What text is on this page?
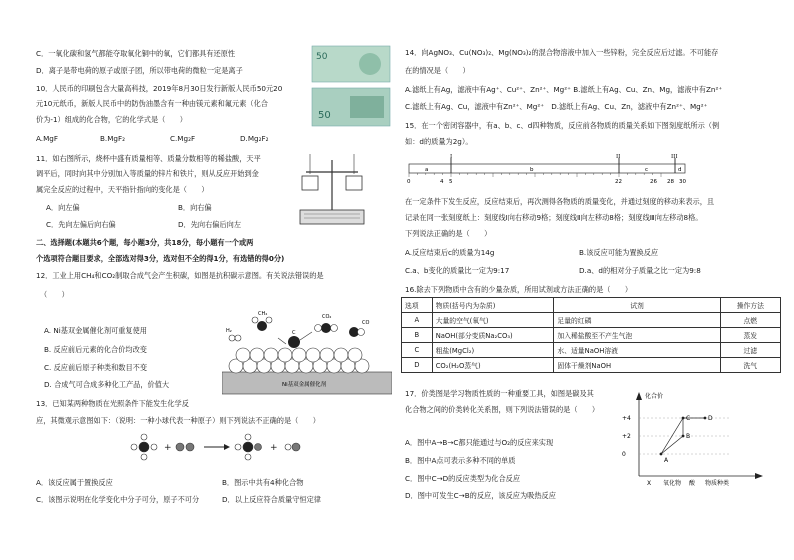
C．一氧化碳和氢气都能夺取氧化铜中的氧，它们都具有还原性
D．离子是带电荷的原子或原子团，所以带电荷的微粒一定是离子
10．人民币的印刷包含大量高科技，2019年8月30日发行新版人民币50元20
元10元纸币，新版人民币中的防伪油墨含有一种由镁元素和氟元素（化合
价为-1）组成的化合物，它的化学式是（　　）
A.MgF	B.MgF₂	C.Mg₂F	D.Mg₂F₂
50
50
11．如右图所示，烧杯中盛有质量相等、质量分数相等的稀盐酸，天平
调平后，同时向其中分别加入等质量的锌片和铁片，则从反应开始到金
属完全反应的过程中，天平指针指向的变化是（　　）
A．向左偏	B．向右偏
C．先向左偏后向右偏	D．先向右偏后向左
二、选择题(本题共6个题，每小题3分，共18分，每小题有一个或两
个选项符合题目要求，全部选对得3分，选对但不全的得1分，有选错的得0分)
12．工业上用CH₄和CO₂制取合成气会产生积碳，如图是抗积碳示意图。有关说法错误的是
（　　）
A. Ni基双金属催化剂可重复使用
B. 反应前后元素的化合价均改变
C. 反应前后原子种类和数目不变
D. 合成气可合成多种化工产品，价值大
CH₄	CO₂
H₂
CO
C
Ni基双金属催化剂
13．已知某两种物质在光照条件下能发生化学反
应，其微观示意图如下：（说明：一种小球代表一种原子）则下列说法不正确的是（　　）
+	+
A．该反应属于置换反应	B．图示中共有4种化合物
C．该图示说明在化学变化中分子可分，原子不可分	D．以上反应符合质量守恒定律
14．向AgNO₃、Cu(NO₃)₂、Mg(NO₃)₂的混合物溶液中加入一些锌粉，完全反应后过滤。不可能存
在的情况是（　　）
A.滤纸上有Ag，滤液中有Ag⁺、Cu²⁺、Zn²⁺、Mg²⁺ B.滤纸上有Ag、Cu、Zn、Mg，滤液中有Zn²⁺
C.滤纸上有Ag、Cu，滤液中有Zn²⁺、Mg²⁺　D.滤纸上有Ag、Cu、Zn，滤液中有Zn²⁺、Mg²⁺
15．在一个密闭容器中，有a、b、c、d四种物质，反应前各物质的质量关系如下图刻度纸所示（例
如：d的质量为2g）。
I	II	III
a	b	c	d
0	4 5	22	26 28 30
在一定条件下发生反应，反应结束后，再次测得各物质的质量变化，并通过刻度的移动来表示，且
记录在同一张刻度纸上：刻度线Ⅰ向右移动9格；刻度线Ⅱ向左移动8格；刻度线Ⅲ向左移动8格。
下列说法正确的是（　　）
A.反应结束后c的质量为14g	B.该反应可能为置换反应
C.a、b变化的质量比一定为9:17	D.a、d的相对分子质量之比一定为9:8
16.除去下列物质中含有的少量杂质，所用试剂或方法正确的是（　　）
选项	物质(括号内为杂质)	试剂	操作方法
A	大量的空气(氧气)	足量的红磷	点燃
B	NaOH(部分变质Na₂CO₃)	加入稀盐酸至不产生气泡	蒸发
C	粗盐(MgCl₂)	水、适量NaOH溶液	过滤
D	CO₂(H₂O蒸气)	固体干燥剂NaOH	洗气
17．价类图是学习物质性质的一种重要工具，如图是碳及其
化合物之间的价类转化关系图，则下列说法错误的是（　　）
A．图中A→B→C都只能通过与O₂的反应来实现
B．图中A点可表示多种不同的单质
C．图中C→D的反应类型为化合反应
D．图中可发生C→B的反应，该反应为吸热反应
化合价
+4
+2
0
A
B
C	D
X 氧化物 酸 物质种类
